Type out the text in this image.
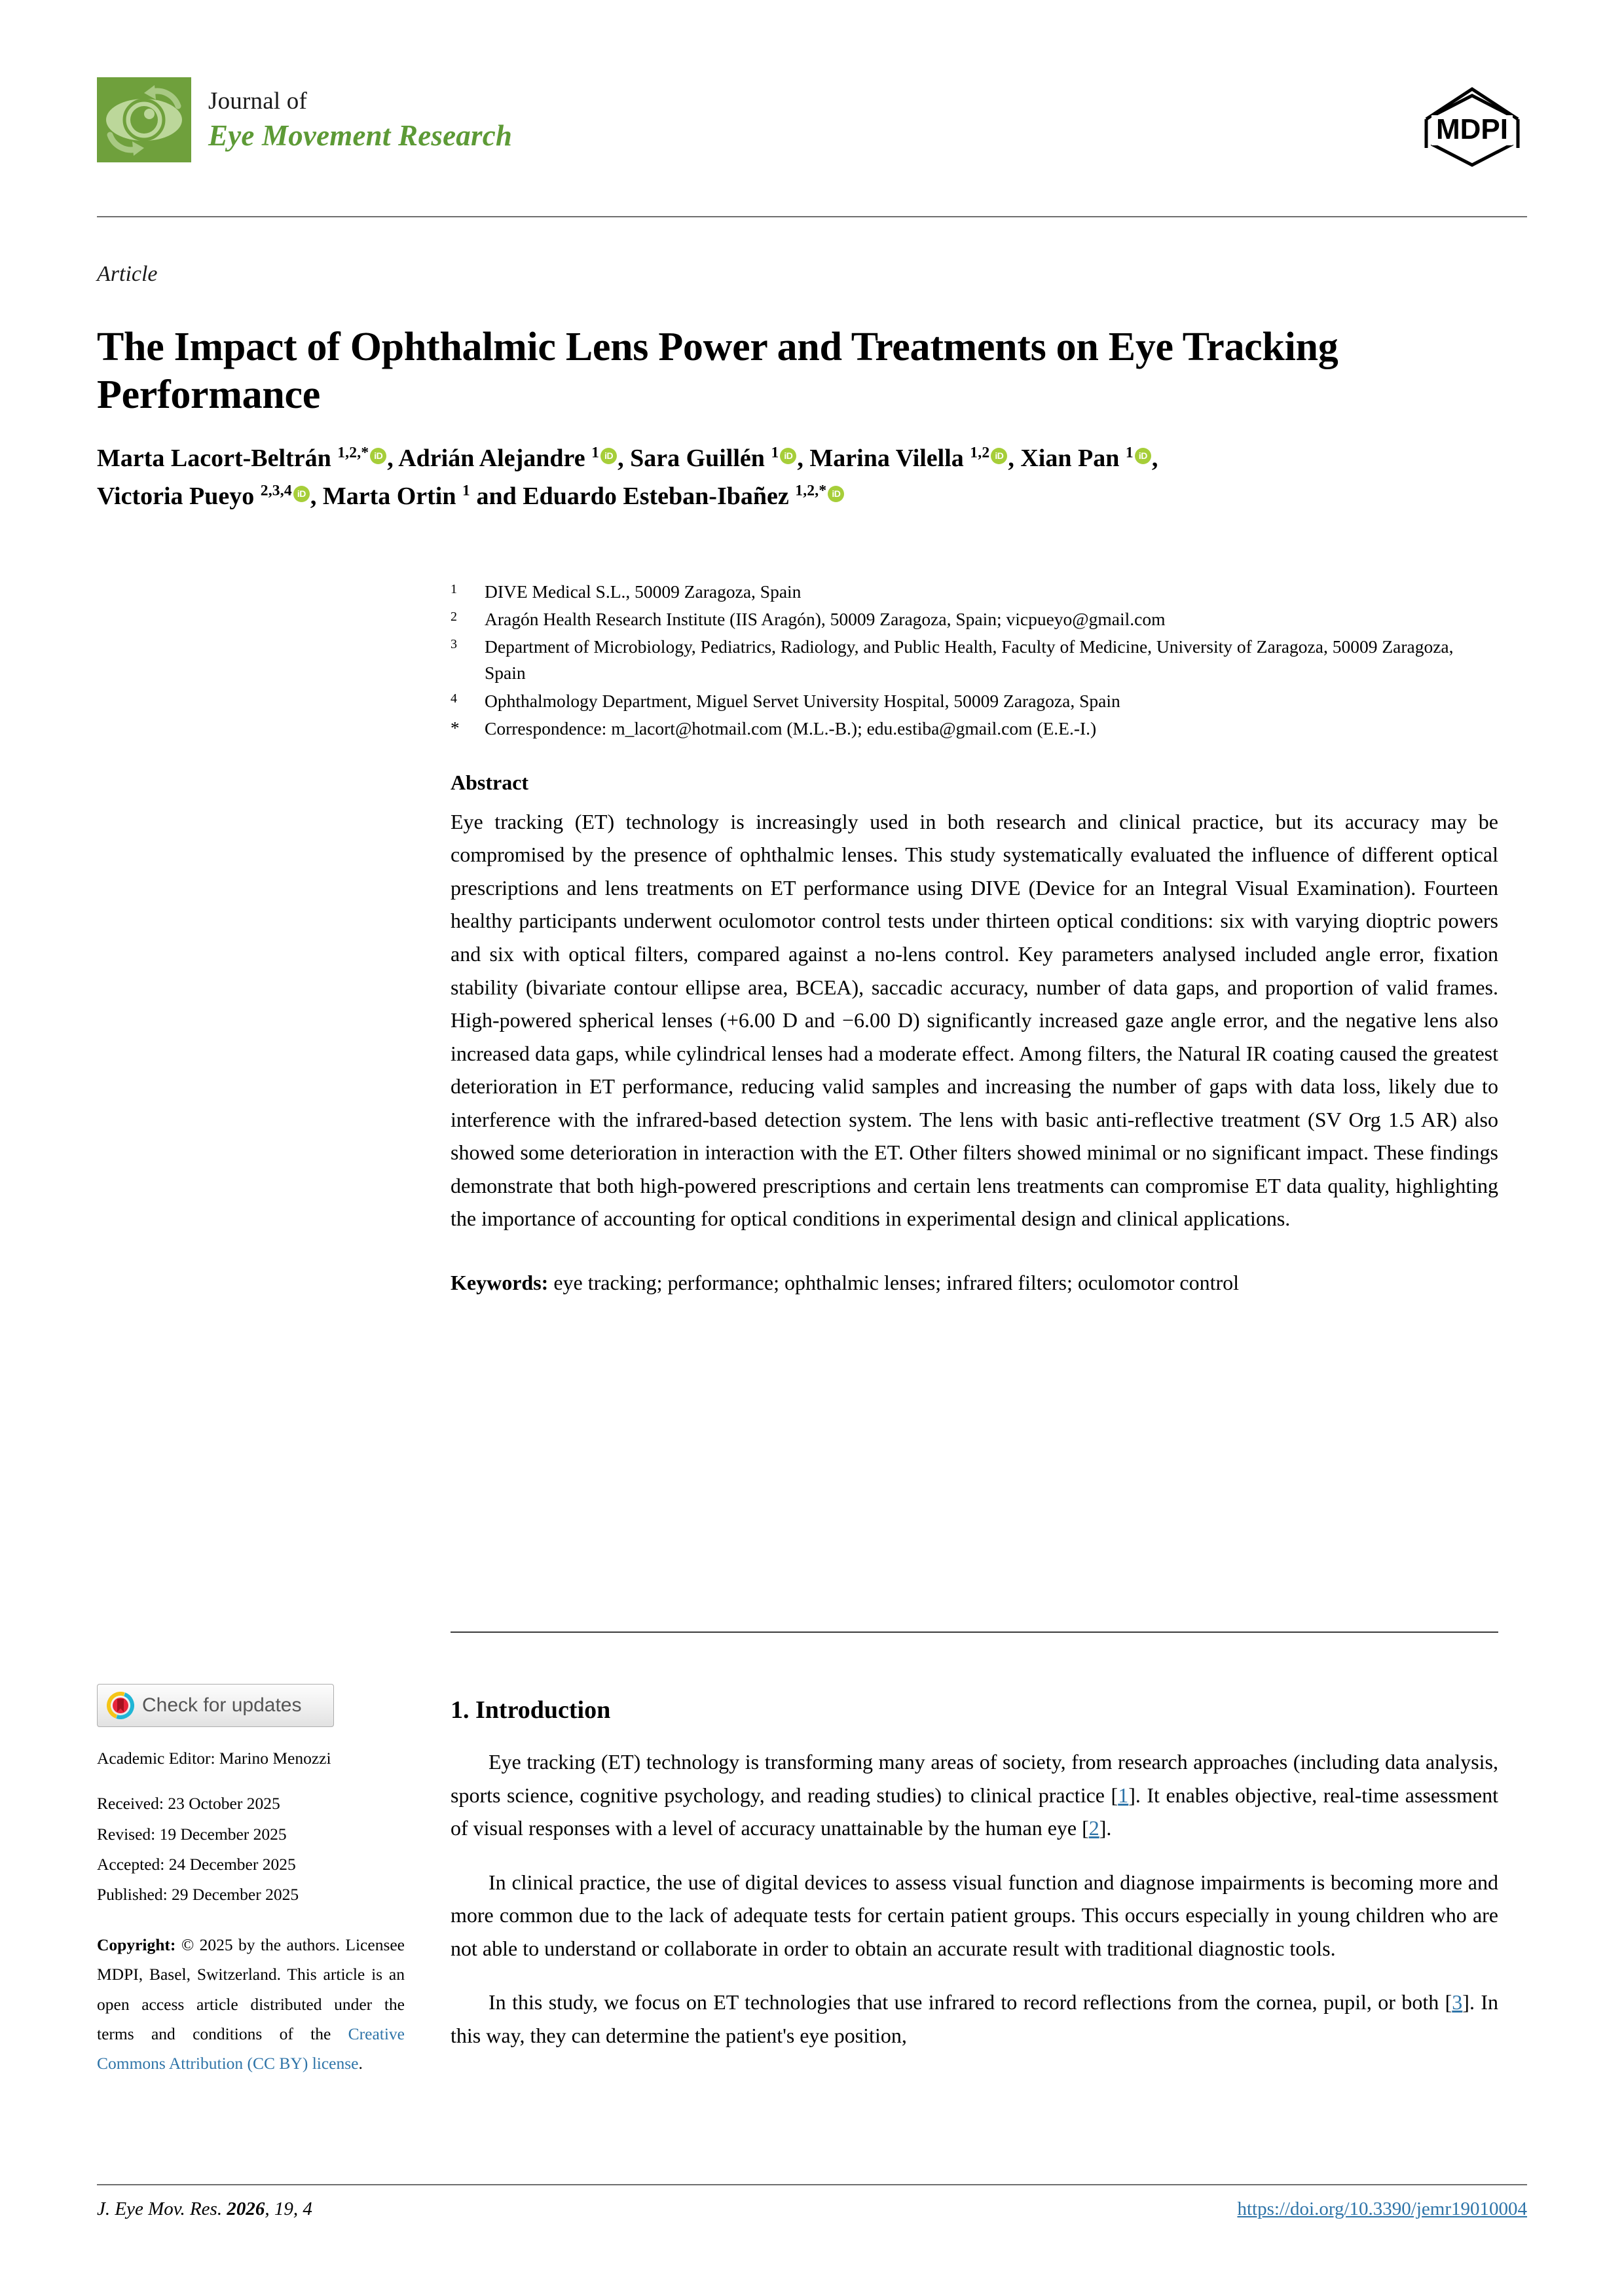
Journal of
Eye Movement Research	MDPI
Article
The Impact of Ophthalmic Lens Power and Treatments on Eye Tracking Performance
Marta Lacort-Beltrán $^{1,2,*}$ iD , Adrián Alejandre $^1$ iD , Sara Guillén $^1$ iD , Marina Vilella $^{1,2}$ iD , Xian Pan $^1$ iD ,
Victoria Pueyo $^{2,3,4}$ iD , Marta Ortin $^1$ and Eduardo Esteban-Ibañez $^{1,2,*}$ iD
1	DIVE Medical S.L., 50009 Zaragoza, Spain
2	Aragón Health Research Institute (IIS Aragón), 50009 Zaragoza, Spain; vicpueyo@gmail.com
3	Department of Microbiology, Pediatrics, Radiology, and Public Health, Faculty of Medicine, University of Zaragoza, 50009 Zaragoza, Spain
4	Ophthalmology Department, Miguel Servet University Hospital, 50009 Zaragoza, Spain
*	Correspondence: m_lacort@hotmail.com (M.L.-B.); edu.estiba@gmail.com (E.E.-I.)
Abstract
Eye tracking (ET) technology is increasingly used in both research and clinical practice, but its accuracy may be compromised by the presence of ophthalmic lenses. This study systematically evaluated the influence of different optical prescriptions and lens treatments on ET performance using DIVE (Device for an Integral Visual Examination). Fourteen healthy participants underwent oculomotor control tests under thirteen optical conditions: six with varying dioptric powers and six with optical filters, compared against a no-lens control. Key parameters analysed included angle error, fixation stability (bivariate contour ellipse area, BCEA), saccadic accuracy, number of data gaps, and proportion of valid frames. High-powered spherical lenses (+6.00 D and −6.00 D) significantly increased gaze angle error, and the negative lens also increased data gaps, while cylindrical lenses had a moderate effect. Among filters, the Natural IR coating caused the greatest deterioration in ET performance, reducing valid samples and increasing the number of gaps with data loss, likely due to interference with the infrared-based detection system. The lens with basic anti-reflective treatment (SV Org 1.5 AR) also showed some deterioration in interaction with the ET. Other filters showed minimal or no significant impact. These findings demonstrate that both high-powered prescriptions and certain lens treatments can compromise ET data quality, highlighting the importance of accounting for optical conditions in experimental design and clinical applications.
Keywords: eye tracking; performance; ophthalmic lenses; infrared filters; oculomotor control
Check for updates
Academic Editor: Marino Menozzi
Received: 23 October 2025
Revised: 19 December 2025
Accepted: 24 December 2025
Published: 29 December 2025
Copyright: © 2025 by the authors. Licensee MDPI, Basel, Switzerland. This article is an open access article distributed under the terms and conditions of the Creative Commons Attribution (CC BY) license.
1. Introduction

Eye tracking (ET) technology is transforming many areas of society, from research approaches (including data analysis, sports science, cognitive psychology, and reading studies) to clinical practice [1]. It enables objective, real-time assessment of visual responses with a level of accuracy unattainable by the human eye [2].

In clinical practice, the use of digital devices to assess visual function and diagnose impairments is becoming more and more common due to the lack of adequate tests for certain patient groups. This occurs especially in young children who are not able to understand or collaborate in order to obtain an accurate result with traditional diagnostic tools.

In this study, we focus on ET technologies that use infrared to record reflections from the cornea, pupil, or both [3]. In this way, they can determine the patient's eye position,

J. Eye Mov. Res. 2026, 19, 4	https://doi.org/10.3390/jemr19010004
